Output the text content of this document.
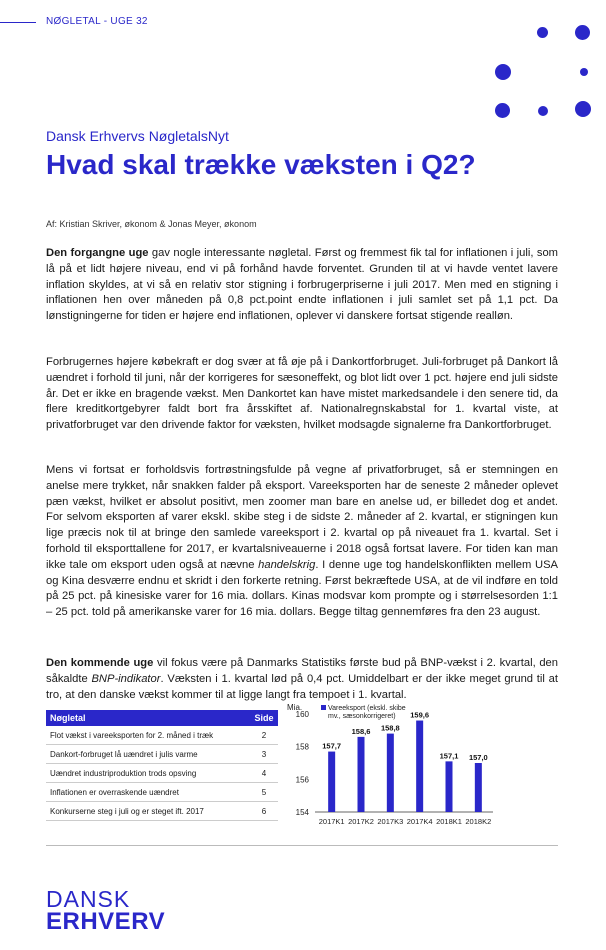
NØGLETAL - UGE 32
Dansk Erhvervs NøgletalsNyt
Hvad skal trække væksten i Q2?
Af: Kristian Skriver, økonom & Jonas Meyer, økonom

Den forgangne uge gav nogle interessante nøgletal. Først og fremmest fik tal for inflationen i juli, som lå på et lidt højere niveau, end vi på forhånd havde forventet. Grunden til at vi havde ventet lavere inflation skyldes, at vi så en relativ stor stigning i forbrugerpriserne i juli 2017. Men med en stigning i inflationen hen over måneden på 0,8 pct.point endte inflationen i juli samlet set på 1,1 pct. Da lønstigningerne for tiden er højere end inflationen, oplever vi danskere fortsat stigende realløn.

Forbrugernes højere købekraft er dog svær at få øje på i Dankortforbruget. Juli-forbruget på Dankort lå uændret i forhold til juni, når der korrigeres for sæsoneffekt, og blot lidt over 1 pct. højere end juli sidste år. Det er ikke en bragende vækst. Men Dankortet kan have mistet markedsandele i den senere tid, da flere kreditkortgebyrer faldt bort fra årsskiftet af. Nationalregnskabstal for 1. kvartal viste, at privatforbruget var den drivende faktor for væksten, hvilket modsagde signalerne fra Dankortforbruget.

Mens vi fortsat er forholdsvis fortrøstningsfulde på vegne af privatforbruget, så er stemningen en anelse mere trykket, når snakken falder på eksport. Vareeksporten har de seneste 2 måneder oplevet pæn vækst, hvilket er absolut positivt, men zoomer man bare en anelse ud, er billedet dog et andet. For selvom eksporten af varer ekskl. skibe steg i de sidste 2. måneder af 2. kvartal, er stigningen kun lige præcis nok til at bringe den samlede vareeksport i 2. kvartal op på niveauet fra 1. kvartal. Set i forhold til eksporttallene for 2017, er kvartalsniveauerne i 2018 også fortsat lavere. For tiden kan man ikke tale om eksport uden også at nævne handelskrig. I denne uge tog handelskonflikten mellem USA og Kina desværre endnu et skridt i den forkerte retning. Først bekræftede USA, at de vil indføre en told på 25 pct. på kinesiske varer for 16 mia. dollars. Kinas modsvar kom prompte og i størrelsesorden 1:1 – 25 pct. told på amerikanske varer for 16 mia. dollars. Begge tiltag gennemføres fra den 23 august.

Den kommende uge vil fokus være på Danmarks Statistiks første bud på BNP-vækst i 2. kvartal, den såkaldte BNP-indikator. Væksten i 1. kvartal lød på 0,4 pct. Umiddelbart er der ikke meget grund til at tro, at den danske vækst kommer til at ligge langt fra tempoet i 1. kvartal.

Nøgletal	Side
Flot vækst i vareeksporten for 2. måned i træk	2
Dankort-forbruget lå uændret i julis varme	3
Uændret industriproduktion trods opsving	4
Inflationen er overraskende uændret	5
Konkurserne steg i juli og er steget ift. 2017	6
Mia.
154
156
158
160
Vareeksport (ekskl. skibe
mv., sæsonkorrigeret)
157,7
2017K1
158,6
2017K2
158,8
2017K3
159,6
2017K4
157,1
2018K1
157,0
2018K2
DANSK
ERHVERV
